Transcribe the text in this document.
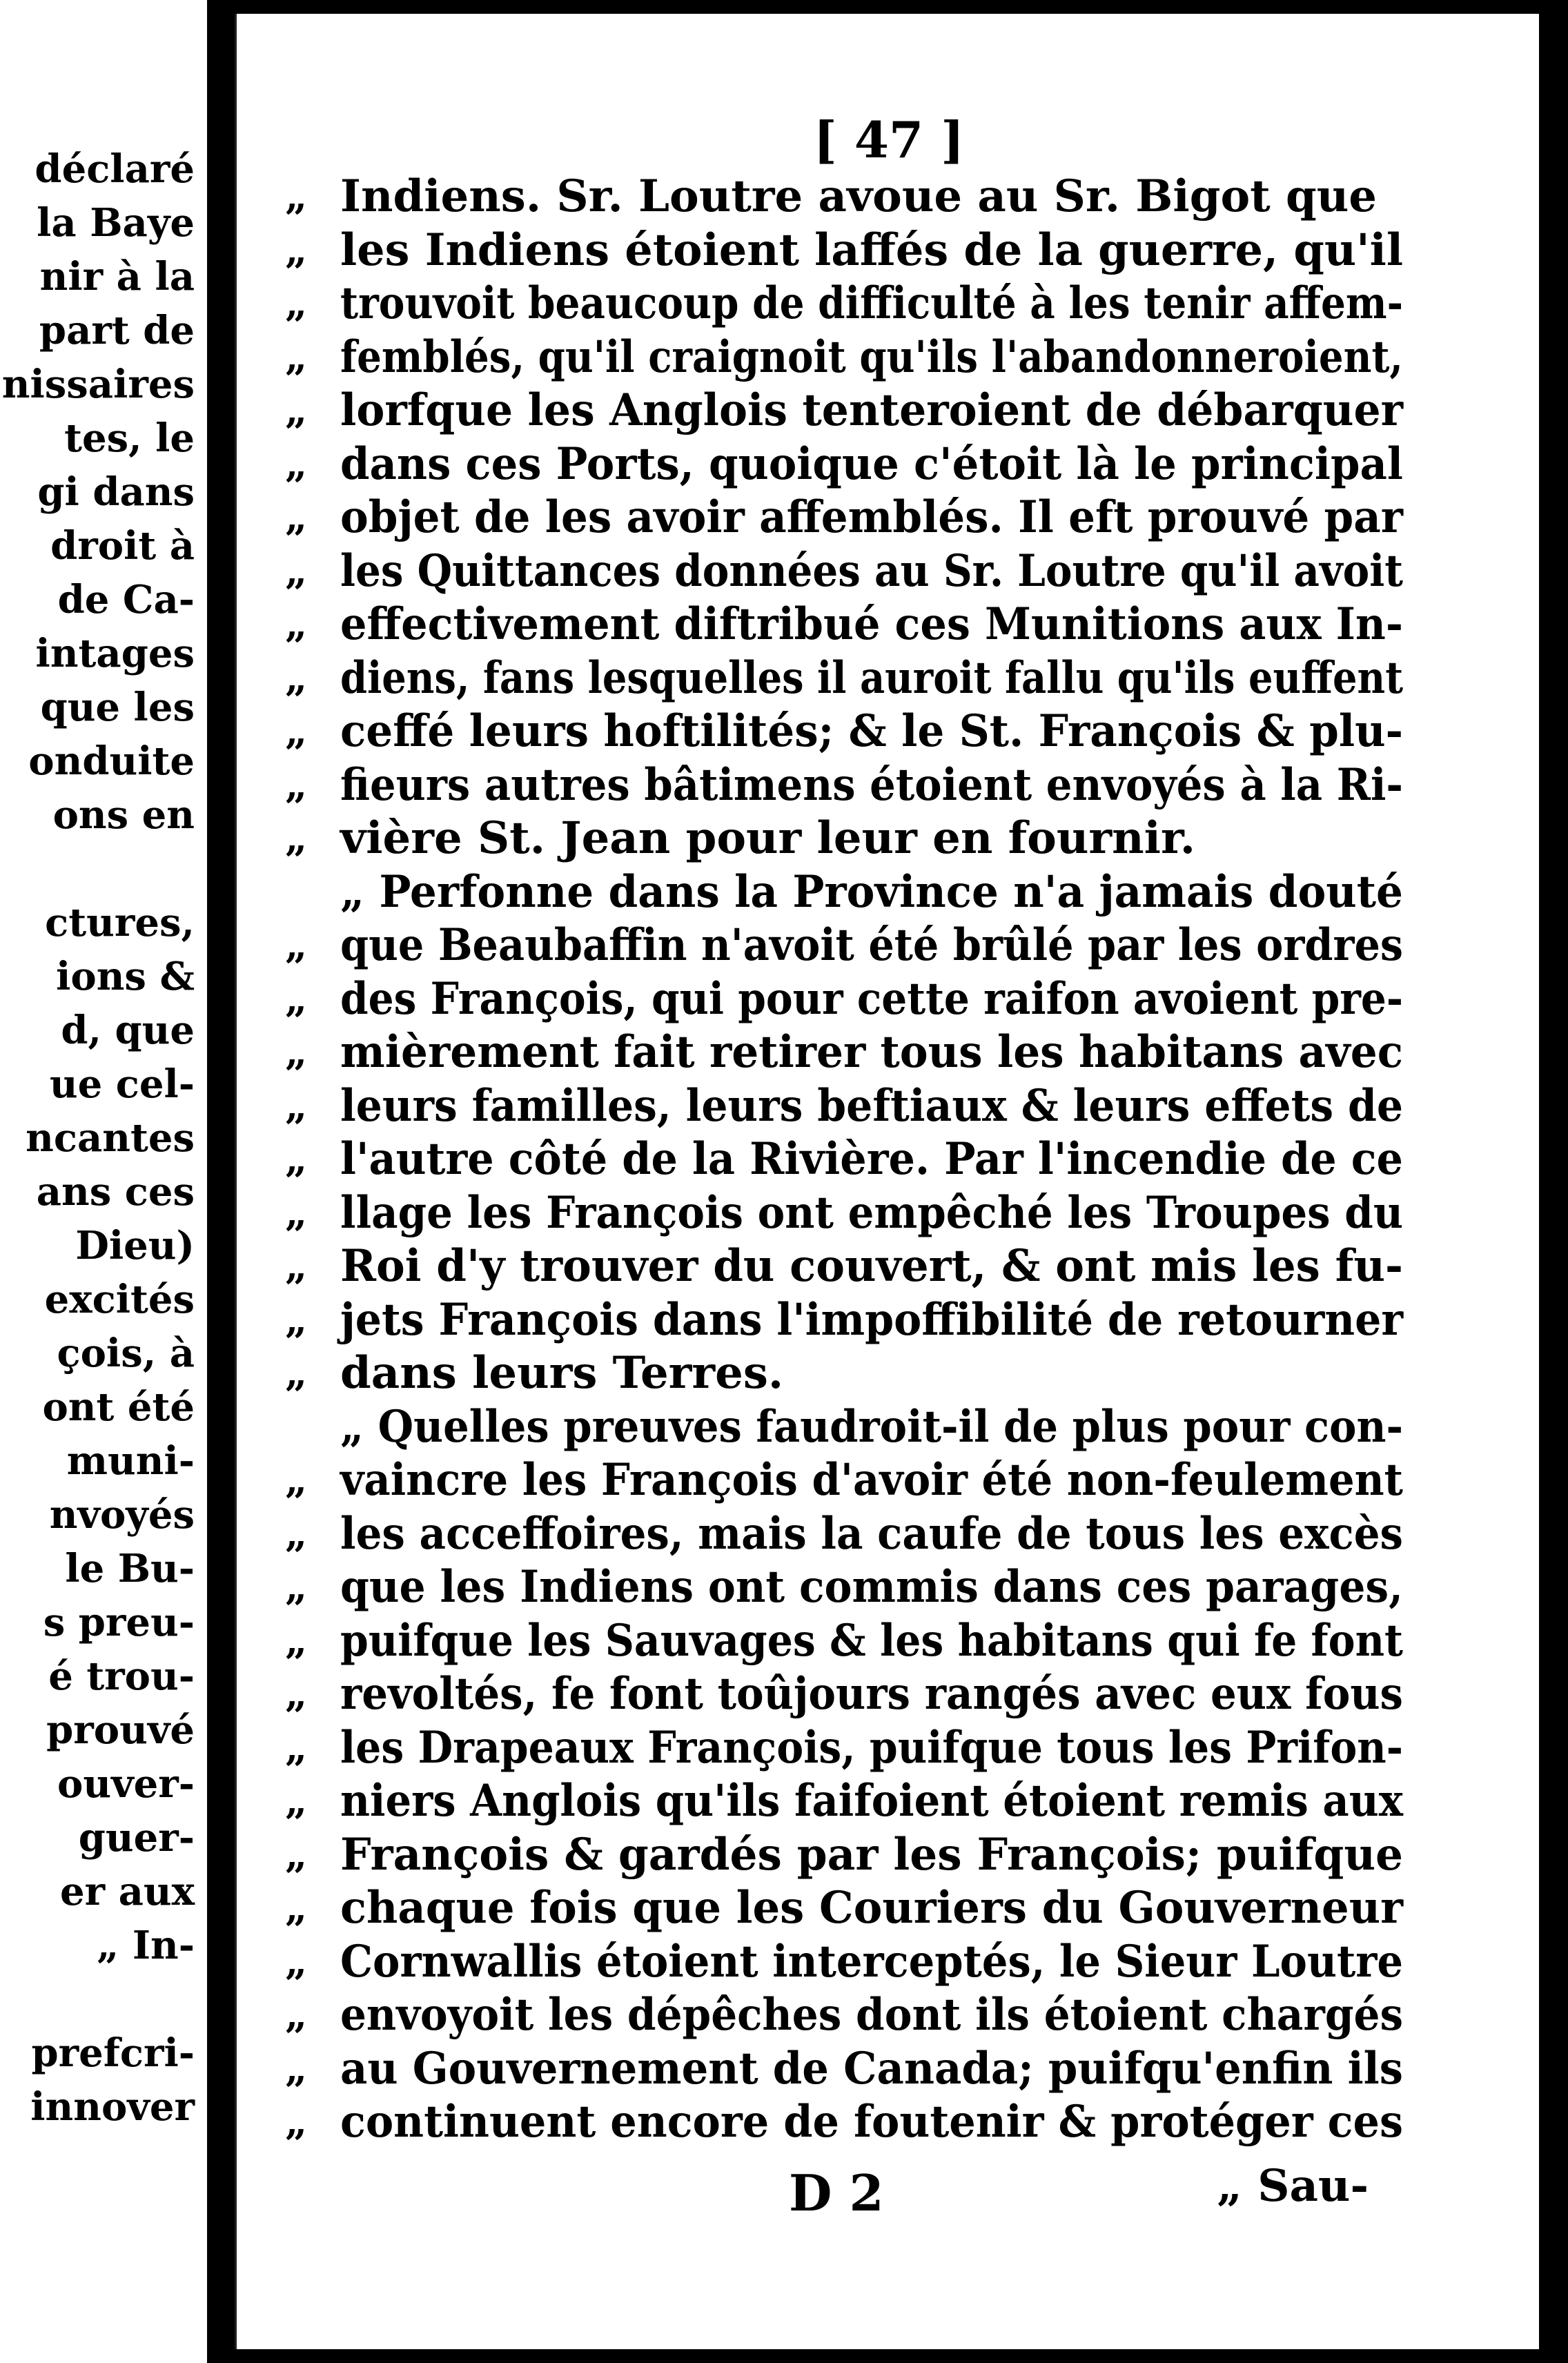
déclaré
la Baye
nir à la
part de
nissaires
tes, le
gi dans
droit à
de Ca-
intages
que les
onduite
ons en
ctures,
ions &
d, que
ue cel-
ncantes
ans ces
Dieu)
excités
çois, à
ont été
muni-
nvoyés
le Bu-
s preu-
é trou-
prouvé
ouver-
guer-
er aux
„ In-
prefcri-
innover
[ 47 ]
„ Indiens. Sr. Loutre avoue au Sr. Bigot que
„ les Indiens étoient laffés de la guerre, qu'il
„ trouvoit beaucoup de difficulté à les tenir affem-
„ femblés, qu'il craignoit qu'ils l'abandonneroient,
„ lorfque les Anglois tenteroient de débarquer
„ dans ces Ports, quoique c'étoit là le principal
„ objet de les avoir affemblés. Il eft prouvé par
„ les Quittances données au Sr. Loutre qu'il avoit
„ effectivement diftribué ces Munitions aux In-
„ diens, fans lesquelles il auroit fallu qu'ils euffent
„ ceffé leurs hoftilités; & le St. François & plu-
„ fieurs autres bâtimens étoient envoyés à la Ri-
„ vière St. Jean pour leur en fournir.
„ Perfonne dans la Province n'a jamais douté
„ que Beaubaffin n'avoit été brûlé par les ordres
„ des François, qui pour cette raifon avoient pre-
„ mièrement fait retirer tous les habitans avec
„ leurs familles, leurs beftiaux & leurs effets de
„ l'autre côté de la Rivière. Par l'incendie de ce
„ llage les François ont empêché les Troupes du
„ Roi d'y trouver du couvert, & ont mis les fu-
„ jets François dans l'impoffibilité de retourner
„ dans leurs Terres.
„ Quelles preuves faudroit-il de plus pour con-
„ vaincre les François d'avoir été non-feulement
„ les acceffoires, mais la caufe de tous les excès
„ que les Indiens ont commis dans ces parages,
„ puifque les Sauvages & les habitans qui fe font
„ revoltés, fe font toûjours rangés avec eux fous
„ les Drapeaux François, puifque tous les Prifon-
„ niers Anglois qu'ils faifoient étoient remis aux
„ François & gardés par les François; puifque
„ chaque fois que les Couriers du Gouverneur
„ Cornwallis étoient interceptés, le Sieur Loutre
„ envoyoit les dépêches dont ils étoient chargés
„ au Gouvernement de Canada; puifqu'enfin ils
„ continuent encore de foutenir & protéger ces
D 2	„ Sau-
